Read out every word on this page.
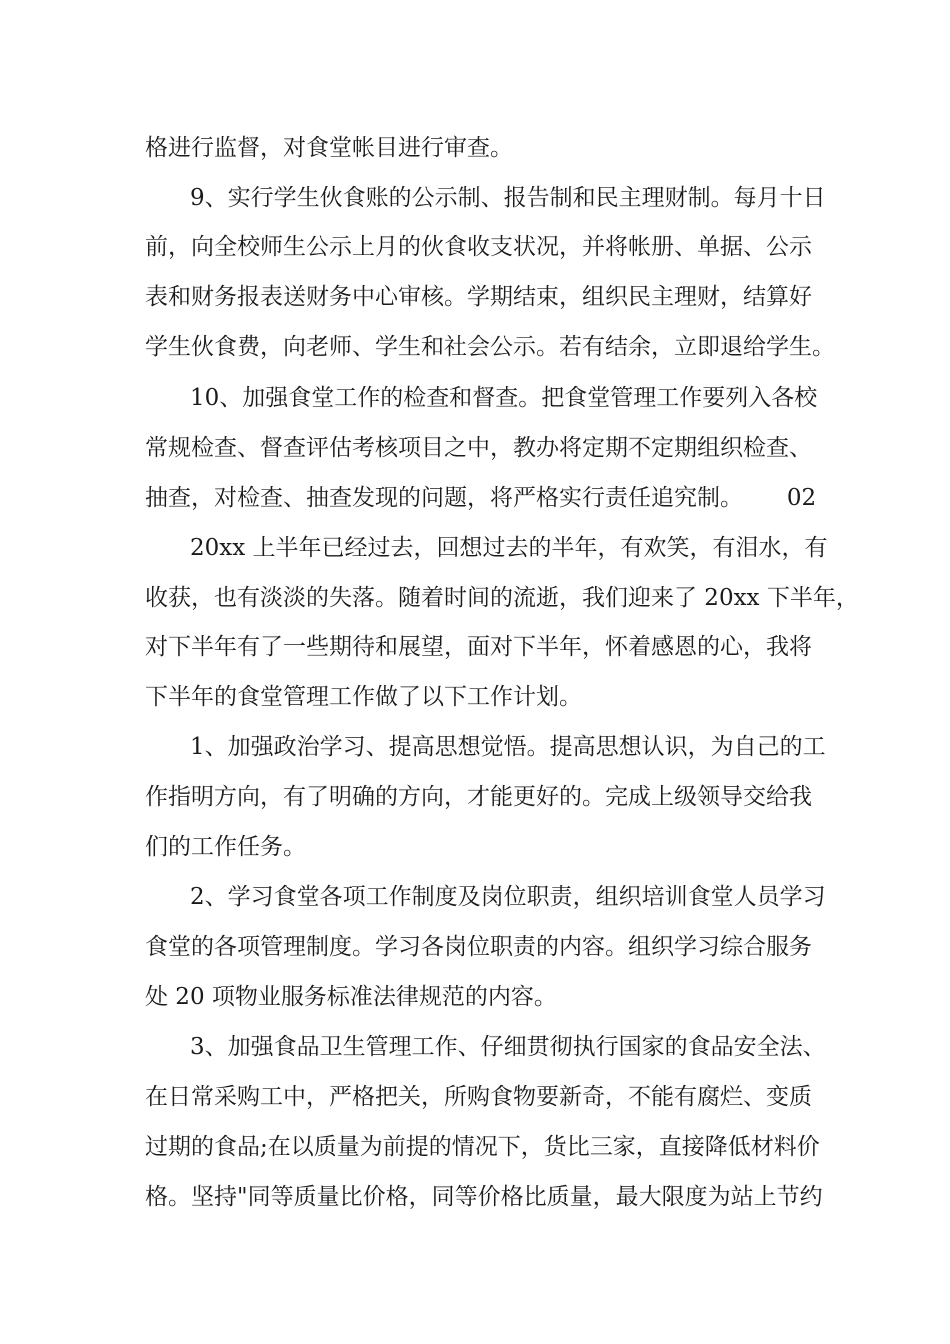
格进行监督，对食堂帐目进行审查。
9、实行学生伙食账的公示制、报告制和民主理财制。每月十日
前，向全校师生公示上月的伙食收支状况，并将帐册、单据、公示
表和财务报表送财务中心审核。学期结束，组织民主理财，结算好
学生伙食费，向老师、学生和社会公示。若有结余，立即退给学生。
10、加强食堂工作的检查和督查。把食堂管理工作要列入各校
常规检查、督查评估考核项目之中，教办将定期不定期组织检查、
抽查，对检查、抽查发现的问题，将严格实行责任追究制。      02
20xx 上半年已经过去，回想过去的半年，有欢笑，有泪水，有
收获，也有淡淡的失落。随着时间的流逝，我们迎来了 20xx 下半年，
对下半年有了一些期待和展望，面对下半年，怀着感恩的心，我将
下半年的食堂管理工作做了以下工作计划。
1、加强政治学习、提高思想觉悟。提高思想认识，为自己的工
作指明方向，有了明确的方向，才能更好的。完成上级领导交给我
们的工作任务。
2、学习食堂各项工作制度及岗位职责，组织培训食堂人员学习
食堂的各项管理制度。学习各岗位职责的内容。组织学习综合服务
处 20 项物业服务标准法律规范的内容。
3、加强食品卫生管理工作、仔细贯彻执行国家的食品安全法、
在日常采购工中，严格把关，所购食物要新奇，不能有腐烂、变质
过期的食品;在以质量为前提的情况下，货比三家，直接降低材料价
格。坚持"同等质量比价格，同等价格比质量，最大限度为站上节约
